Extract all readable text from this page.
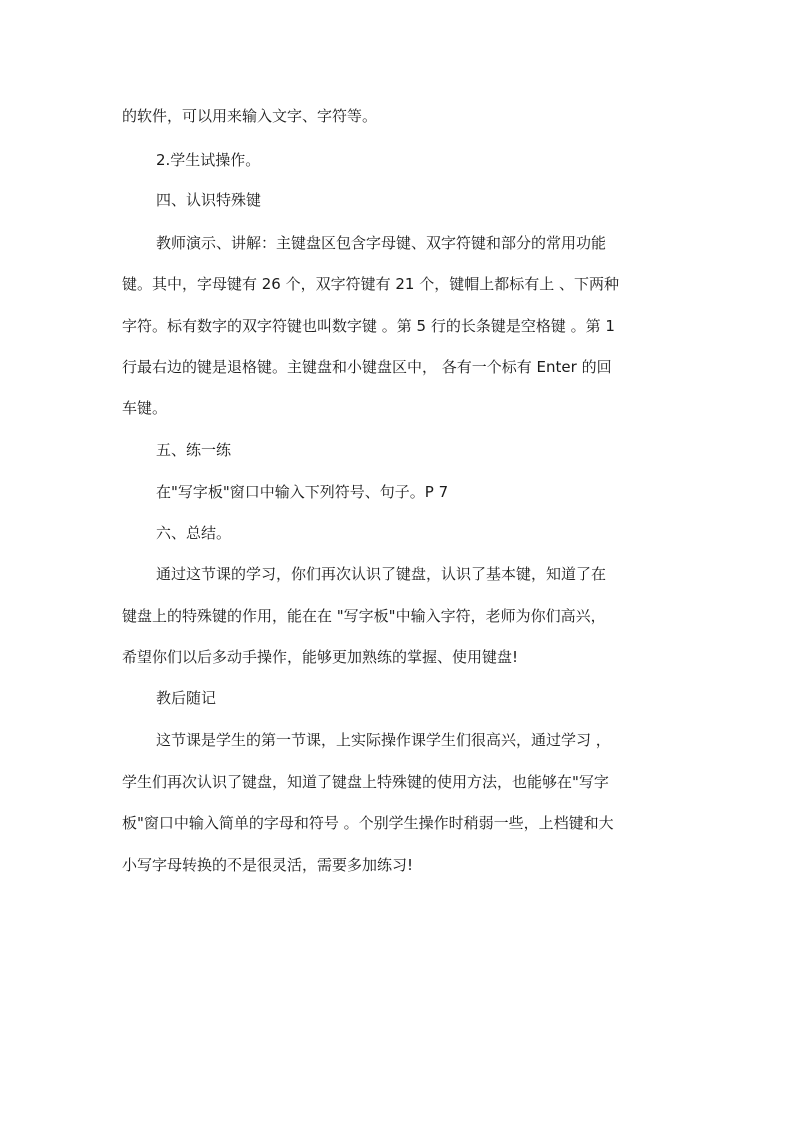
的软件，可以用来输入文字、字符等。
2.学生试操作。
四、认识特殊键
教师演示、讲解：主键盘区包含字母键、双字符键和部分的常用功能
键。其中，字母键有 26 个，双字符键有 21 个，键帽上都标有上 、下两种
字符。标有数字的双字符键也叫数字键 。第 5 行的长条键是空格键 。第 1
行最右边的键是退格键。主键盘和小键盘区中， 各有一个标有 Enter 的回
车键。
五、练一练
在"写字板"窗口中输入下列符号、句子。P 7
六、总结。
通过这节课的学习，你们再次认识了键盘，认识了基本键，知道了在
键盘上的特殊键的作用，能在在 "写字板"中输入字符，老师为你们高兴，
希望你们以后多动手操作，能够更加熟练的掌握、使用键盘!
教后随记
这节课是学生的第一节课，上实际操作课学生们很高兴，通过学习 ，
学生们再次认识了键盘，知道了键盘上特殊键的使用方法，也能够在"写字
板"窗口中输入简单的字母和符号 。个别学生操作时稍弱一些，上档键和大
小写字母转换的不是很灵活，需要多加练习!
